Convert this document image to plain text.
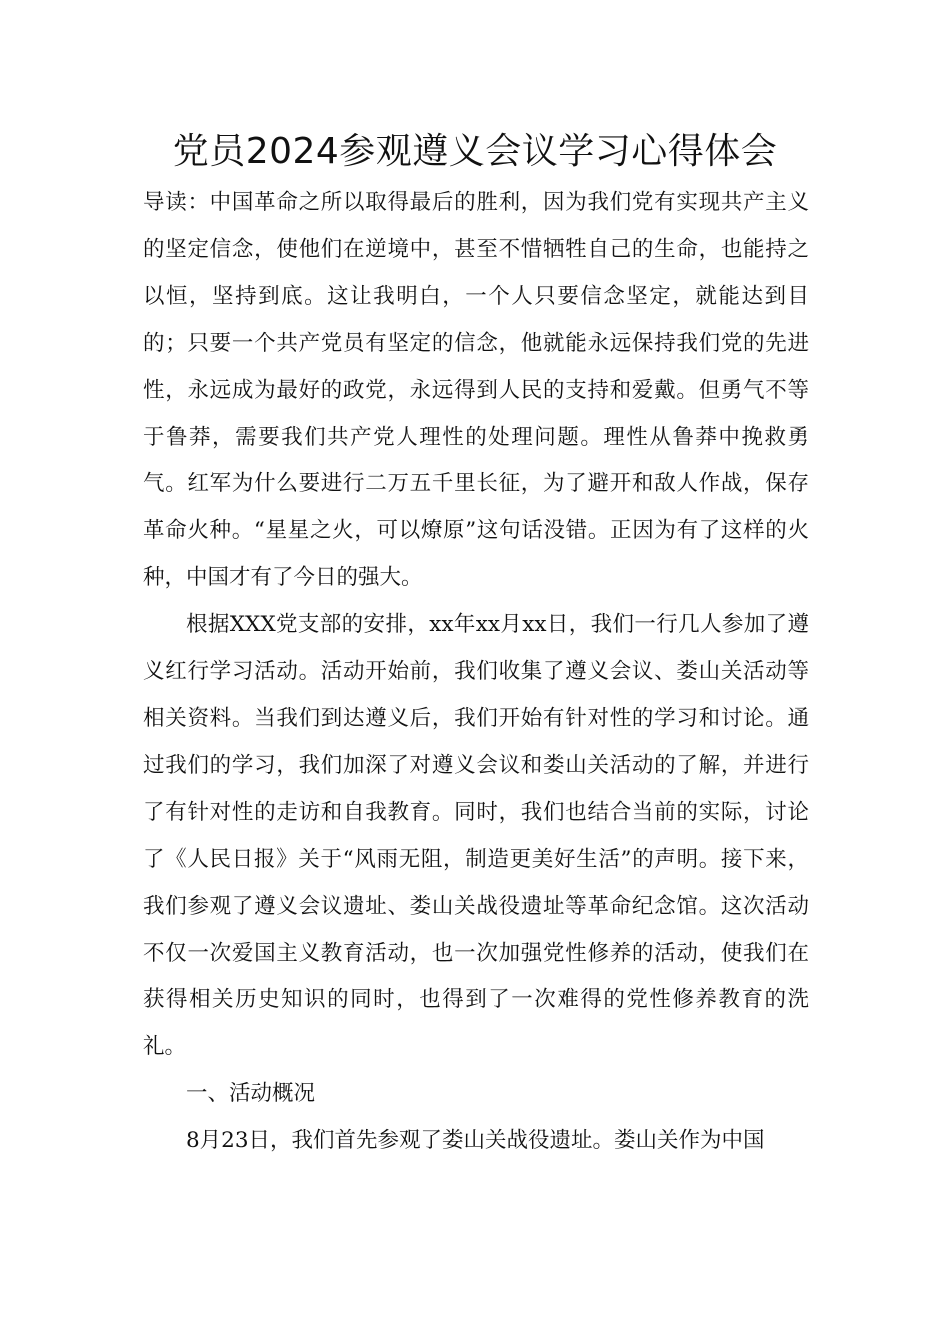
党员2024参观遵义会议学习心得体会

导读：中国革命之所以取得最后的胜利，因为我们党有实现共产主义的坚定信念，使他们在逆境中，甚至不惜牺牲自己的生命，也能持之以恒，坚持到底。这让我明白，一个人只要信念坚定，就能达到目的；只要一个共产党员有坚定的信念，他就能永远保持我们党的先进性，永远成为最好的政党，永远得到人民的支持和爱戴。但勇气不等于鲁莽，需要我们共产党人理性的处理问题。理性从鲁莽中挽救勇气。红军为什么要进行二万五千里长征，为了避开和敌人作战，保存革命火种。“星星之火，可以燎原”这句话没错。正因为有了这样的火种，中国才有了今日的强大。

根据XXX党支部的安排，xx年xx月xx日，我们一行几人参加了遵义红行学习活动。活动开始前，我们收集了遵义会议、娄山关活动等相关资料。当我们到达遵义后，我们开始有针对性的学习和讨论。通过我们的学习，我们加深了对遵义会议和娄山关活动的了解，并进行了有针对性的走访和自我教育。同时，我们也结合当前的实际，讨论了《人民日报》关于“风雨无阻，制造更美好生活”的声明。接下来，我们参观了遵义会议遗址、娄山关战役遗址等革命纪念馆。这次活动不仅一次爱国主义教育活动，也一次加强党性修养的活动，使我们在获得相关历史知识的同时，也得到了一次难得的党性修养教育的洗礼。

一、活动概况

8月23日，我们首先参观了娄山关战役遗址。娄山关作为中国
